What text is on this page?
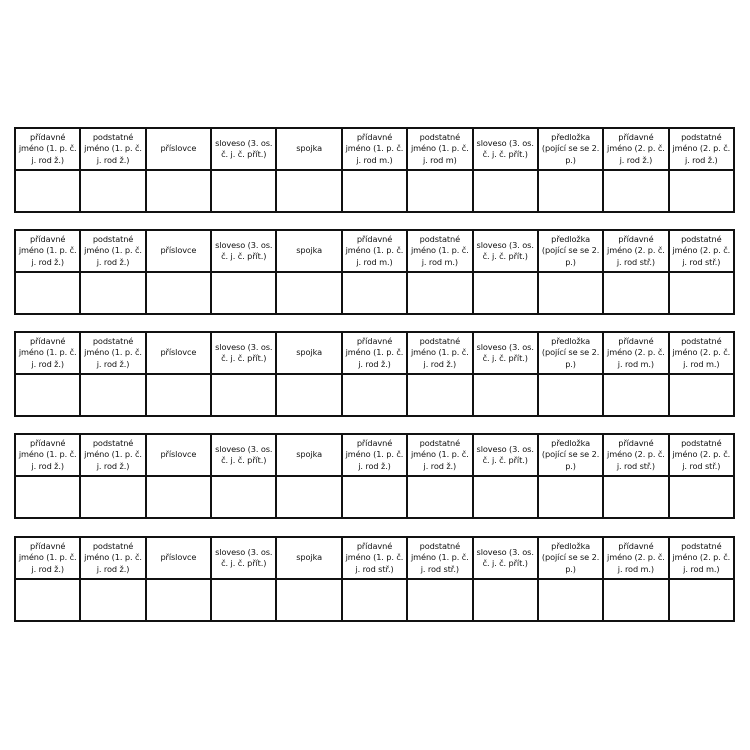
přídavné jméno (1. p. č. j. rod ž.)	podstatné jméno (1. p. č. j. rod ž.)	příslovce	sloveso (3. os. č. j. č. přít.)	spojka	přídavné jméno (1. p. č. j. rod m.)	podstatné jméno (1. p. č. j. rod m)	sloveso (3. os. č. j. č. přít.)	předložka (pojící se se 2. p.)	přídavné jméno (2. p. č. j. rod ž.)	podstatné jméno (2. p. č. j. rod ž.)

přídavné jméno (1. p. č. j. rod ž.)	podstatné jméno (1. p. č. j. rod ž.)	příslovce	sloveso (3. os. č. j. č. přít.)	spojka	přídavné jméno (1. p. č. j. rod m.)	podstatné jméno (1. p. č. j. rod m.)	sloveso (3. os. č. j. č. přít.)	předložka (pojící se se 2. p.)	přídavné jméno (2. p. č. j. rod stř.)	podstatné jméno (2. p. č. j. rod stř.)

přídavné jméno (1. p. č. j. rod ž.)	podstatné jméno (1. p. č. j. rod ž.)	příslovce	sloveso (3. os. č. j. č. přít.)	spojka	přídavné jméno (1. p. č. j. rod ž.)	podstatné jméno (1. p. č. j. rod ž.)	sloveso (3. os. č. j. č. přít.)	předložka (pojící se se 2. p.)	přídavné jméno (2. p. č. j. rod m.)	podstatné jméno (2. p. č. j. rod m.)

přídavné jméno (1. p. č. j. rod ž.)	podstatné jméno (1. p. č. j. rod ž.)	příslovce	sloveso (3. os. č. j. č. přít.)	spojka	přídavné jméno (1. p. č. j. rod ž.)	podstatné jméno (1. p. č. j. rod ž.)	sloveso (3. os. č. j. č. přít.)	předložka (pojící se se 2. p.)	přídavné jméno (2. p. č. j. rod stř.)	podstatné jméno (2. p. č. j. rod stř.)

přídavné jméno (1. p. č. j. rod ž.)	podstatné jméno (1. p. č. j. rod ž.)	příslovce	sloveso (3. os. č. j. č. přít.)	spojka	přídavné jméno (1. p. č. j. rod stř.)	podstatné jméno (1. p. č. j. rod stř.)	sloveso (3. os. č. j. č. přít.)	předložka (pojící se se 2. p.)	přídavné jméno (2. p. č. j. rod m.)	podstatné jméno (2. p. č. j. rod m.)
